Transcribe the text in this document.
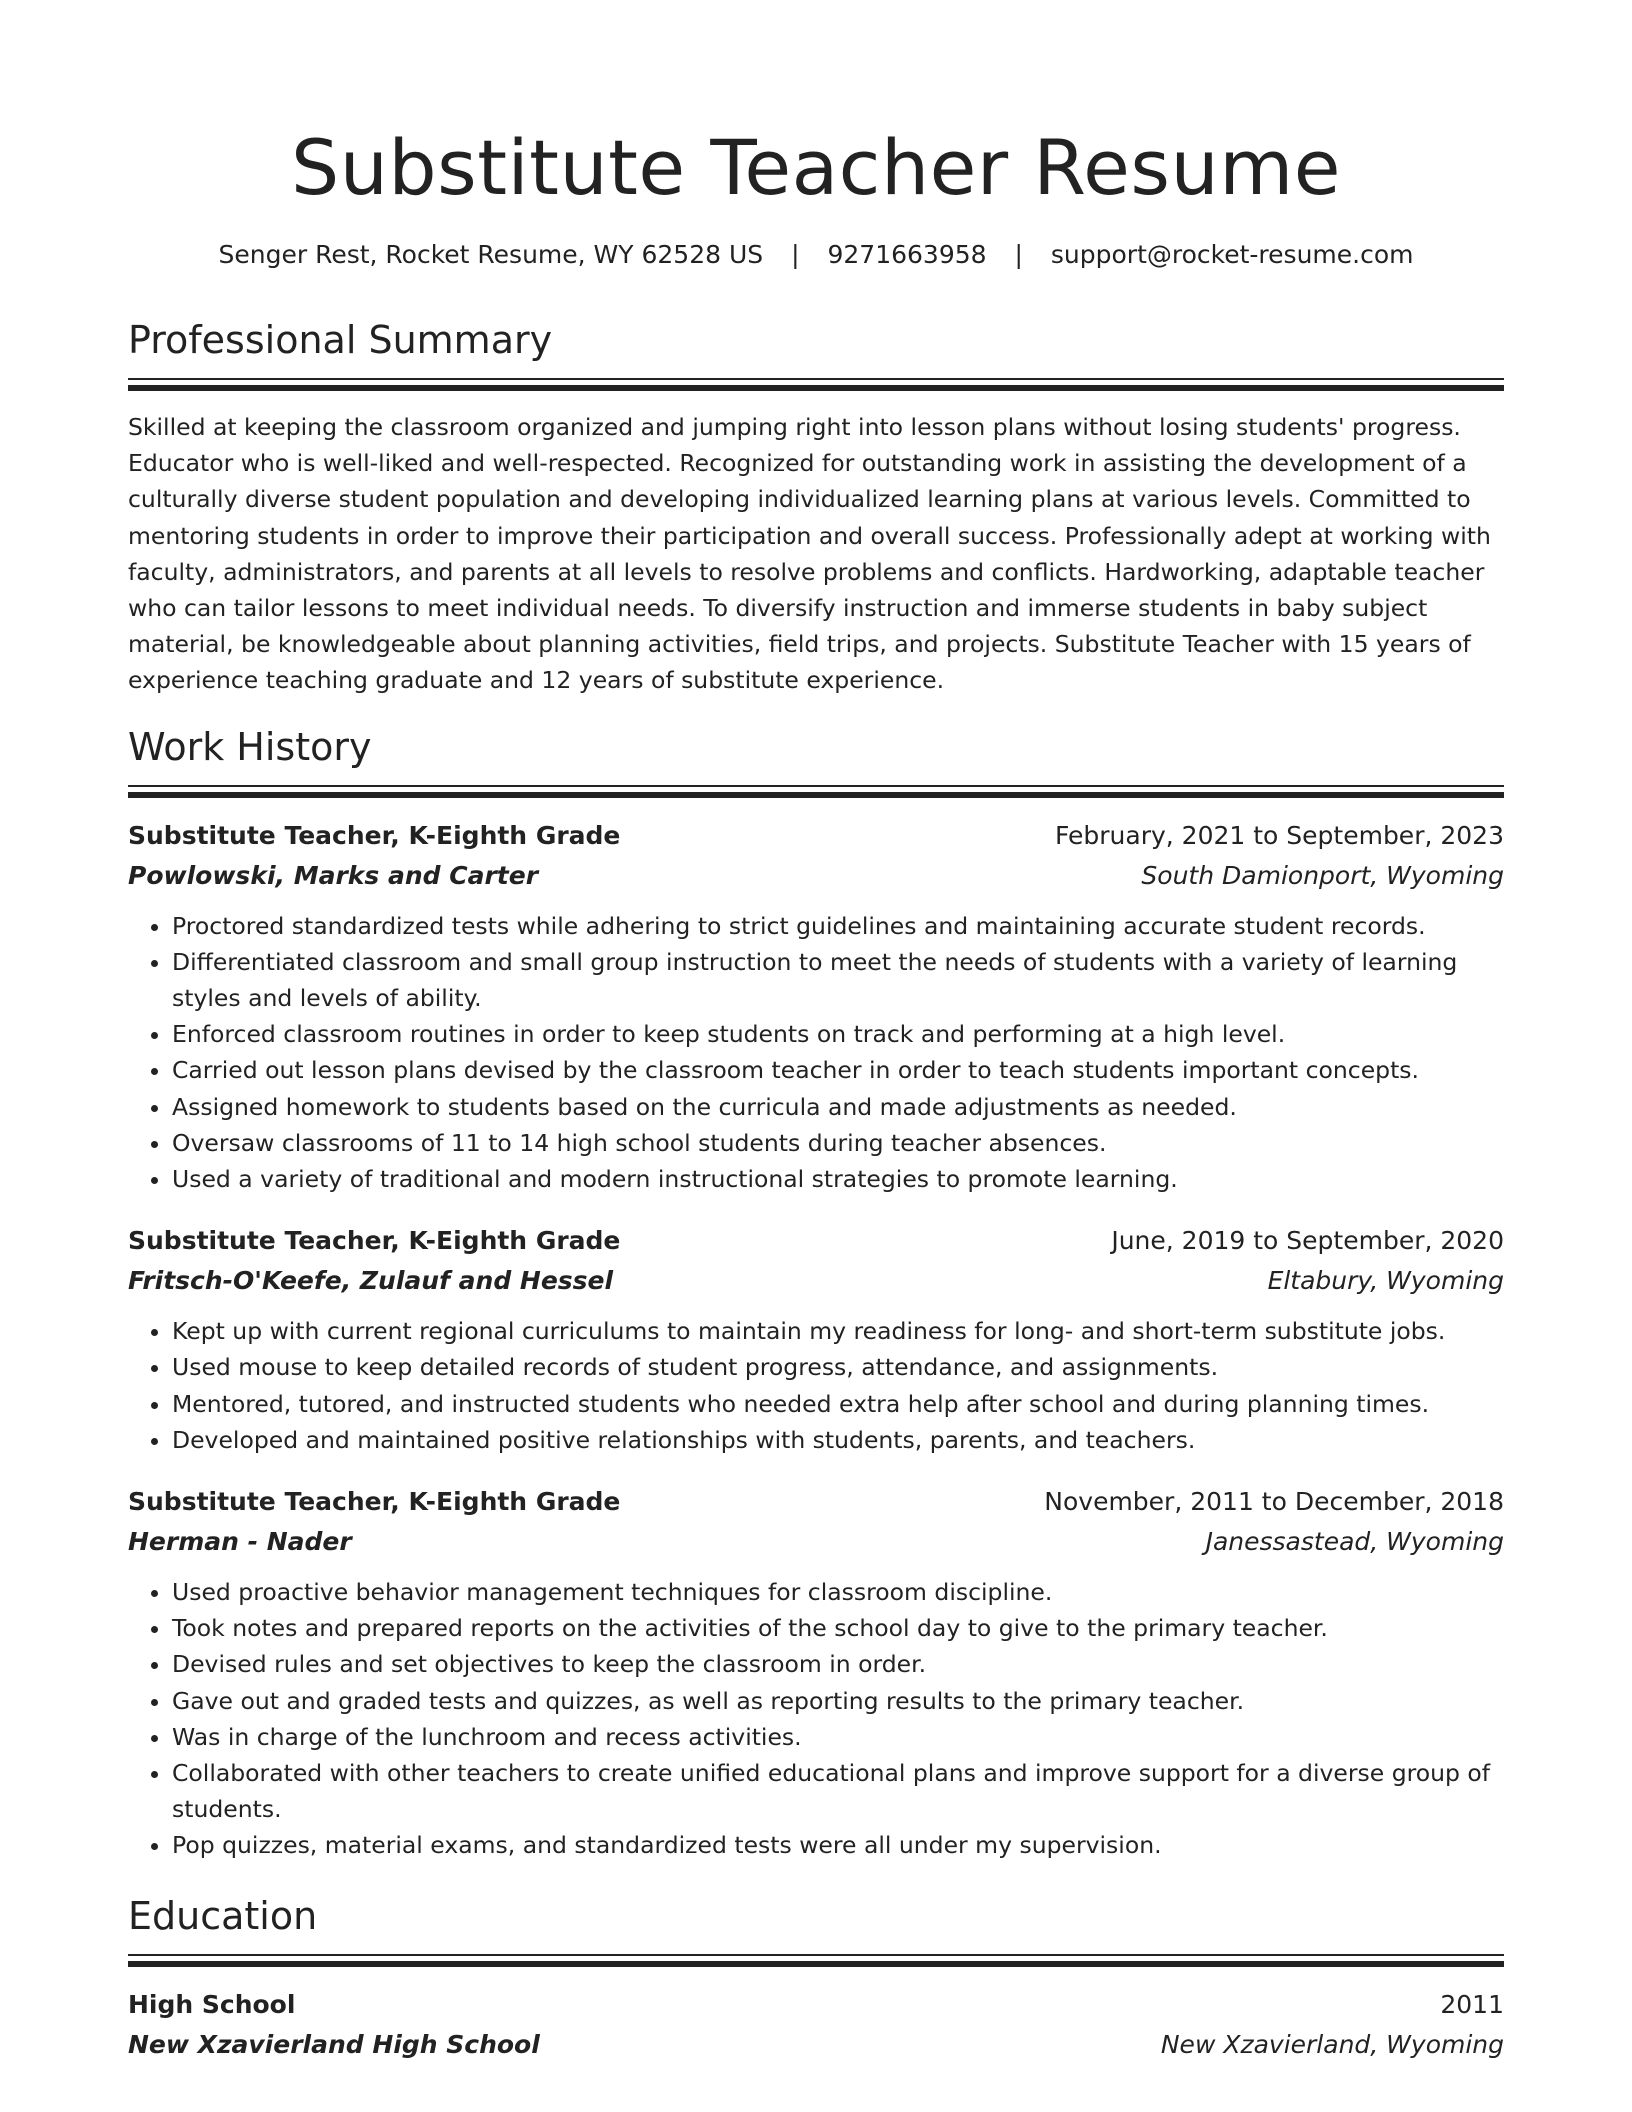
Substitute Teacher Resume
Senger Rest, Rocket Resume, WY 62528 US | 9271663958 | support@rocket-resume.com
Professional Summary

Skilled at keeping the classroom organized and jumping right into lesson plans without losing students' progress. Educator who is well-liked and well-respected. Recognized for outstanding work in assisting the development of a culturally diverse student population and developing individualized learning plans at various levels. Committed to mentoring students in order to improve their participation and overall success. Professionally adept at working with faculty, administrators, and parents at all levels to resolve problems and conflicts. Hardworking, adaptable teacher who can tailor lessons to meet individual needs. To diversify instruction and immerse students in baby subject material, be knowledgeable about planning activities, field trips, and projects. Substitute Teacher with 15 years of experience teaching graduate and 12 years of substitute experience.

Work History
Substitute Teacher, K-Eighth Grade	February, 2021 to September, 2023
Powlowski, Marks and Carter	South Damionport, Wyoming
• Proctored standardized tests while adhering to strict guidelines and maintaining accurate student records.
• Differentiated classroom and small group instruction to meet the needs of students with a variety of learning styles and levels of ability.
• Enforced classroom routines in order to keep students on track and performing at a high level.
• Carried out lesson plans devised by the classroom teacher in order to teach students important concepts.
• Assigned homework to students based on the curricula and made adjustments as needed.
• Oversaw classrooms of 11 to 14 high school students during teacher absences.
• Used a variety of traditional and modern instructional strategies to promote learning.
Substitute Teacher, K-Eighth Grade	June, 2019 to September, 2020
Fritsch-O'Keefe, Zulauf and Hessel	Eltabury, Wyoming
• Kept up with current regional curriculums to maintain my readiness for long- and short-term substitute jobs.
• Used mouse to keep detailed records of student progress, attendance, and assignments.
• Mentored, tutored, and instructed students who needed extra help after school and during planning times.
• Developed and maintained positive relationships with students, parents, and teachers.
Substitute Teacher, K-Eighth Grade	November, 2011 to December, 2018
Herman - Nader	Janessastead, Wyoming
• Used proactive behavior management techniques for classroom discipline.
• Took notes and prepared reports on the activities of the school day to give to the primary teacher.
• Devised rules and set objectives to keep the classroom in order.
• Gave out and graded tests and quizzes, as well as reporting results to the primary teacher.
• Was in charge of the lunchroom and recess activities.
• Collaborated with other teachers to create unified educational plans and improve support for a diverse group of students.
• Pop quizzes, material exams, and standardized tests were all under my supervision.
Education
High School	2011
New Xzavierland High School	New Xzavierland, Wyoming
